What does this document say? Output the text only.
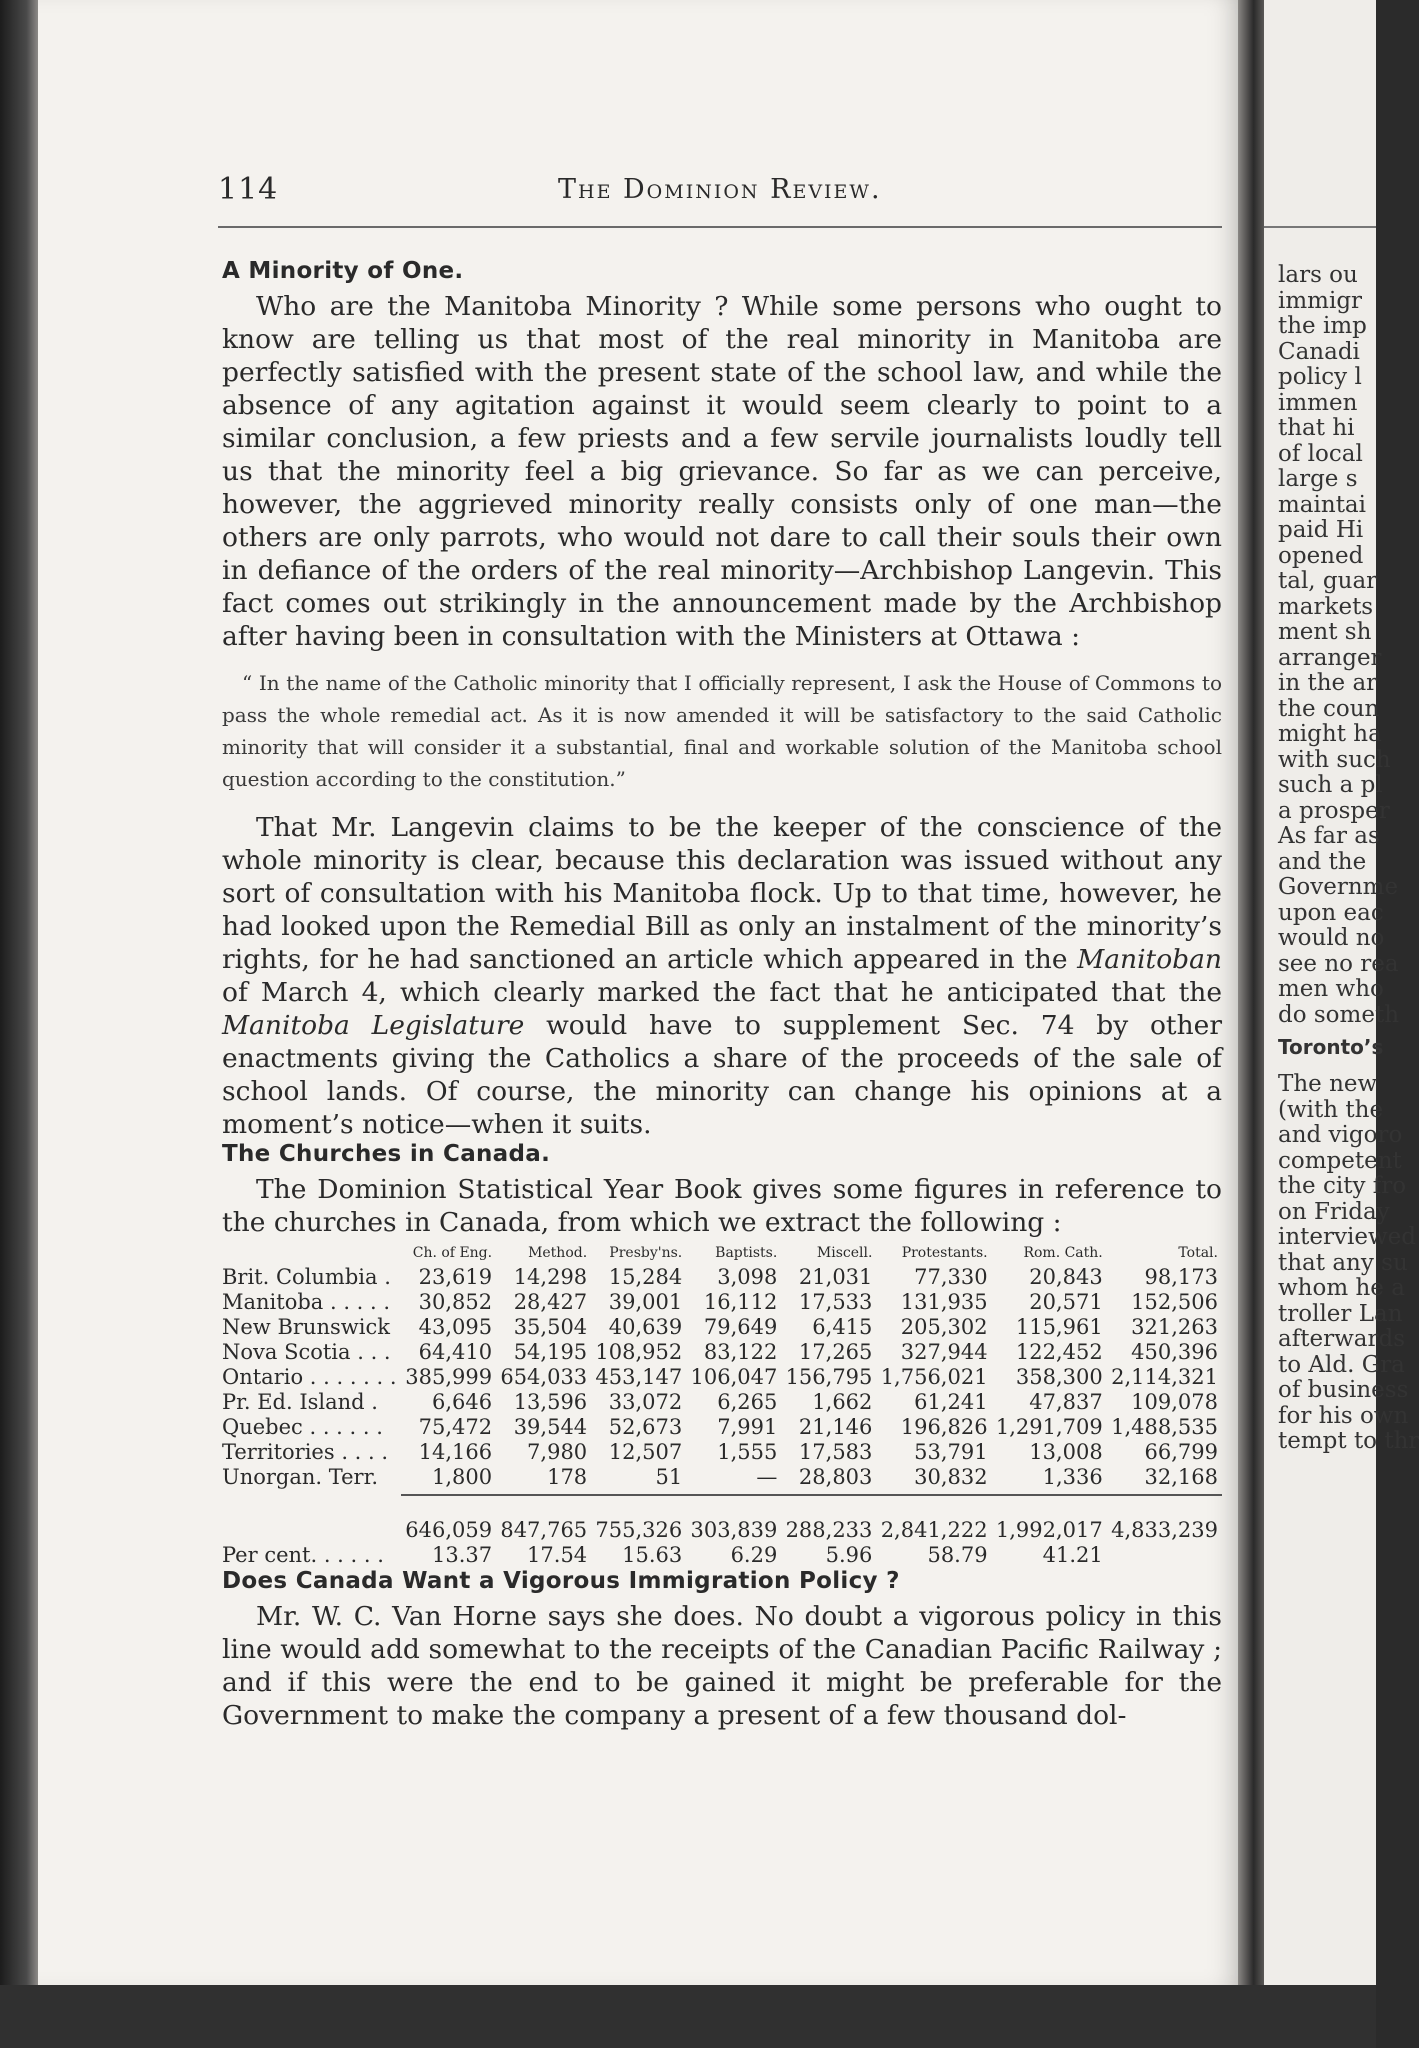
114	The Dominion Review.
A Minority of One.

Who are the Manitoba Minority ? While some persons who ought to know are telling us that most of the real minority in Manitoba are perfectly satisfied with the present state of the school law, and while the absence of any agitation against it would seem clearly to point to a similar conclusion, a few priests and a few servile journalists loudly tell us that the minority feel a big grievance. So far as we can perceive, however, the aggrieved minority really consists only of one man—the others are only parrots, who would not dare to call their souls their own in defiance of the orders of the real minority—Archbishop Langevin. This fact comes out strikingly in the announcement made by the Archbishop after having been in consultation with the Ministers at Ottawa :

“ In the name of the Catholic minority that I officially represent, I ask the House of Commons to pass the whole remedial act. As it is now amended it will be satisfactory to the said Catholic minority that will consider it a substantial, final and workable solution of the Manitoba school question according to the constitution.”

That Mr. Langevin claims to be the keeper of the conscience of the whole minority is clear, because this declaration was issued without any sort of consultation with his Manitoba flock. Up to that time, however, he had looked upon the Remedial Bill as only an instalment of the minority’s rights, for he had sanctioned an article which appeared in the Manitoban of March 4, which clearly marked the fact that he anticipated that the Manitoba Legislature would have to supplement Sec. 74 by other enactments giving the Catholics a share of the proceeds of the sale of school lands. Of course, the minority can change his opinions at a moment’s notice—when it suits.

The Churches in Canada.

The Dominion Statistical Year Book gives some figures in reference to the churches in Canada, from which we extract the following :

	Ch. of Eng.	Method.	Presby'ns.	Baptists.	Miscell.	Protestants.	Rom. Cath.	Total.
Brit. Columbia .	23,619	14,298	15,284	3,098	21,031	77,330	20,843	98,173
Manitoba . . . . .	30,852	28,427	39,001	16,112	17,533	131,935	20,571	152,506
New Brunswick	43,095	35,504	40,639	79,649	6,415	205,302	115,961	321,263
Nova Scotia . . .	64,410	54,195	108,952	83,122	17,265	327,944	122,452	450,396
Ontario . . . . . . .	385,999	654,033	453,147	106,047	156,795	1,756,021	358,300	2,114,321
Pr. Ed. Island .	6,646	13,596	33,072	6,265	1,662	61,241	47,837	109,078
Quebec . . . . . .	75,472	39,544	52,673	7,991	21,146	196,826	1,291,709	1,488,535
Territories . . . .	14,166	7,980	12,507	1,555	17,583	53,791	13,008	66,799
Unorgan. Terr.	1,800	178	51	—	28,803	30,832	1,336	32,168

	646,059	847,765	755,326	303,839	288,233	2,841,222	1,992,017	4,833,239
Per cent. . . . . .	13.37	17.54	15.63	6.29	5.96	58.79	41.21	
Does Canada Want a Vigorous Immigration Policy ?

Mr. W. C. Van Horne says she does. No doubt a vigorous policy in this line would add somewhat to the receipts of the Canadian Pacific Railway ; and if this were the end to be gained it might be preferable for the Government to make the company a present of a few thousand dol-

lars ou
immigr
the imp
Canadi
policy l
immen
that hi
of local
large s
maintai
paid Hi
opened
tal, guar
markets
ment sh
arranger
in the ar
the coun
might ha
with such
such a pl
a prosper
As far as
and the
Governme
upon eac
would no
see no rea
men who
do someth
Toronto’s
The new
(with the
and vigoro
competent
the city fro
on Friday
interviewed
that any su
whom he a
troller Lan
afterwards
to Ald. Gra
of business
for his own
tempt to thr
